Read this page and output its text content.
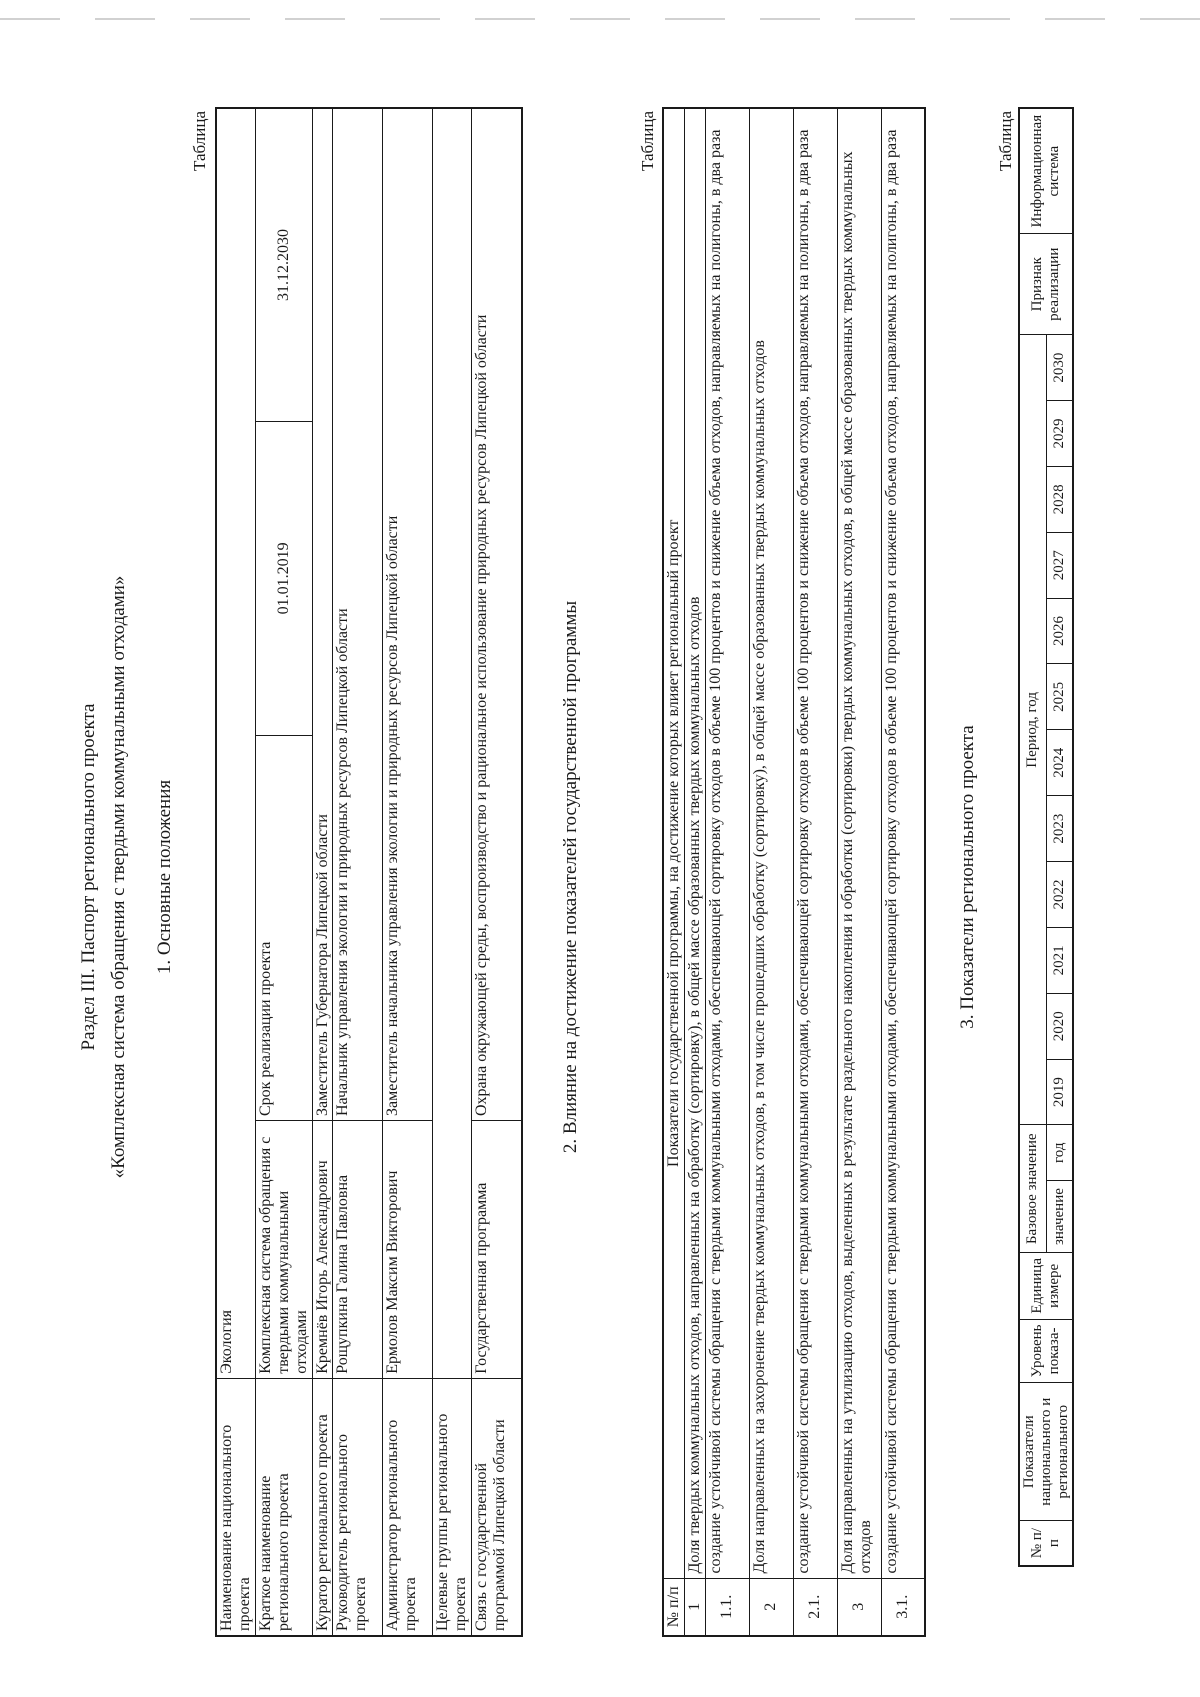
Раздел III. Паспорт регионального проекта «Комплексная система обращения с твердыми коммунальными отходами» 1. Основные положения
Таблица
Наименование национального проекта	Экология			
Краткое наименование регионального проекта	Комплексная система обращения с твердыми коммунальными отходами	Срок реализации проекта	01.01.2019	31.12.2030
Куратор регионального проекта	Кремнёв Игорь Александрович	Заместитель Губернатора Липецкой области		
Руководитель регионального проекта	Рощупкина Галина Павловна	Начальник управления экологии и природных ресурсов Липецкой области		
Администратор регионального проекта	Ермолов Максим Викторович	Заместитель начальника управления экологии и природных ресурсов Липецкой области		
Целевые группы регионального проекта				
Связь с государственной программой Липецкой области	Государственная программа	Охрана окружающей среды, воспроизводство и рациональное использование природных ресурсов Липецкой области			2. Влияние на достижение показателей государственной программы
Таблица
№ п/п	Показатели государственной программы, на достижение которых влияет региональный проект
1	Доля твердых коммунальных отходов, направленных на обработку (сортировку), в общей массе образованных твердых коммунальных отходов
1.1.	создание устойчивой системы обращения с твердыми коммунальными отходами, обеспечивающей сортировку отходов в объеме 100 процентов и снижение объема отходов, направляемых на полигоны, в два раза
2	Доля направленных на захоронение твердых коммунальных отходов, в том числе прошедших обработку (сортировку), в общей массе образованных твердых коммунальных отходов
2.1.	создание устойчивой системы обращения с твердыми коммунальными отходами, обеспечивающей сортировку отходов в объеме 100 процентов и снижение объема отходов, направляемых на полигоны, в два раза
3	Доля направленных на утилизацию отходов, выделенных в результате раздельного накопления и обработки (сортировки) твердых коммунальных отходов, в общей массе образованных твердых коммунальных отходов
3.1.	создание устойчивой системы обращения с твердыми коммунальными отходами, обеспечивающей сортировку отходов в объеме 100 процентов и снижение объема отходов, направляемых на полигоны, в два раза	3. Показатели регионального проекта
Таблица
№ п/п	Показатели национального и регионального	Уровень показа-	Единица измере	Базовое значение		Период, год												Признак реализации	Информационная система
				значение	год	2019	2020	2021	2022	2023	2024	2025	2026	2027	2028	2029	2030		
